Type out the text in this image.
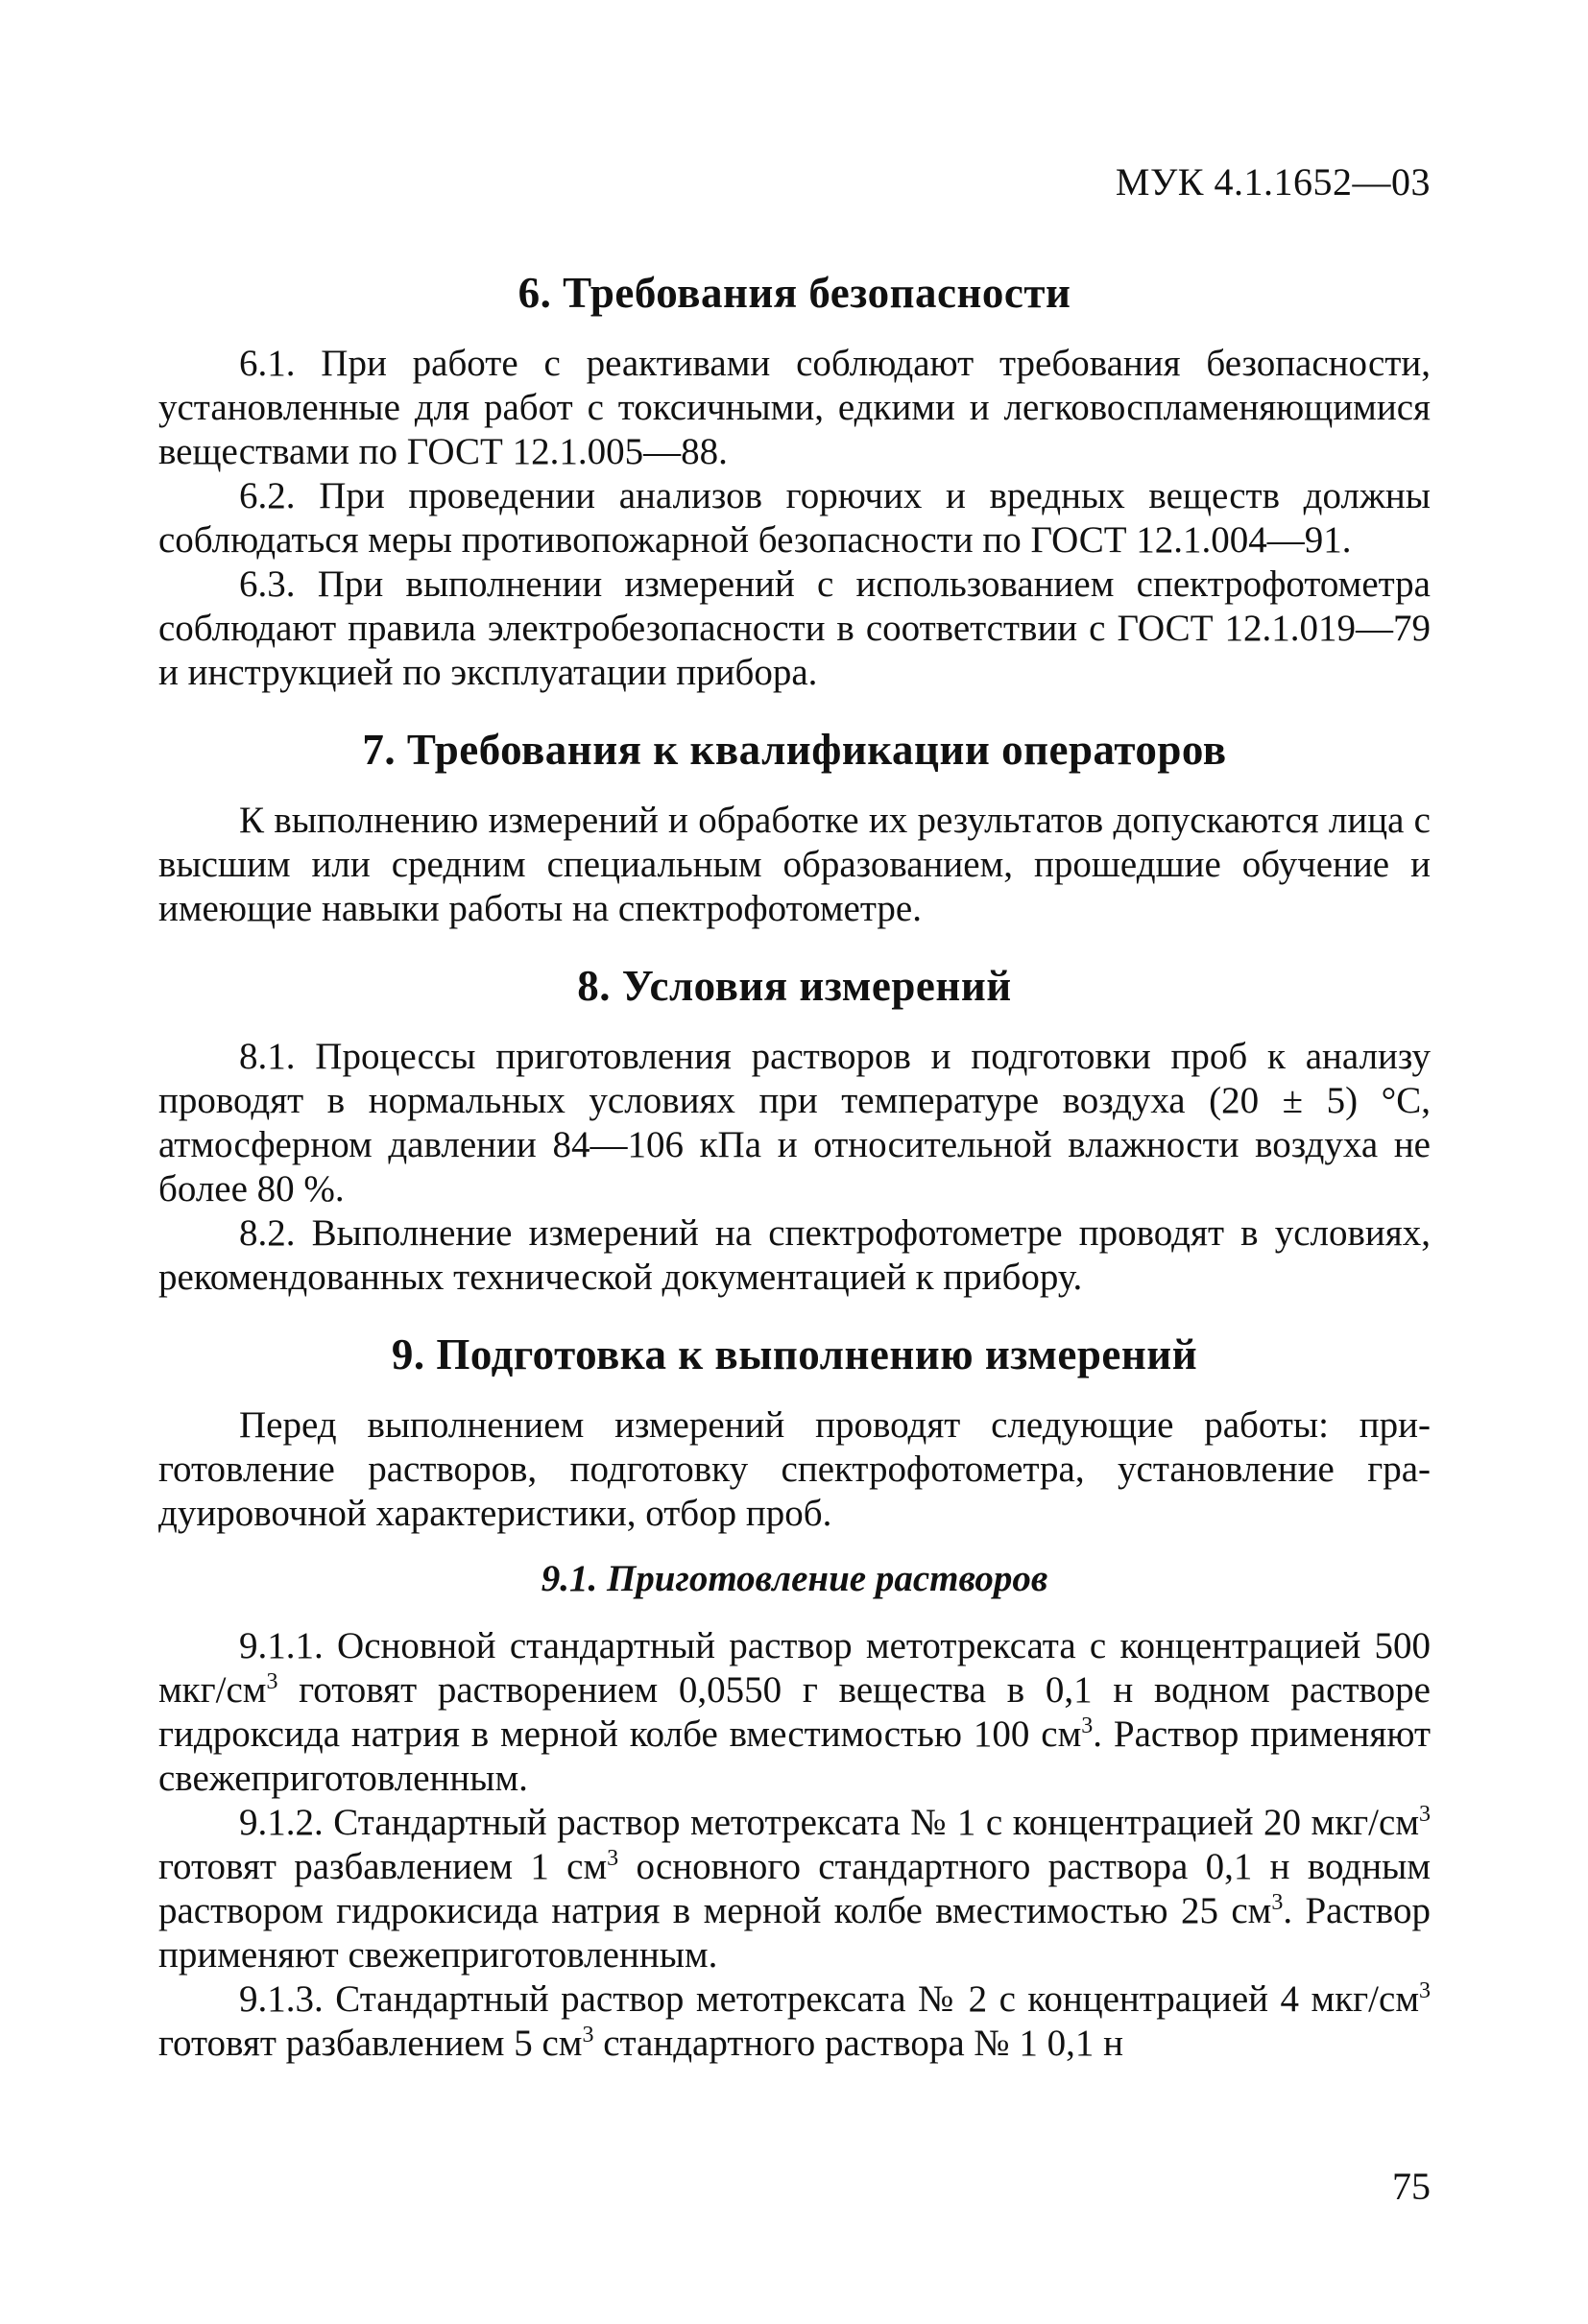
МУК 4.1.1652—03
6. Требования безопасности

6.1. При работе с реактивами соблюдают требования безопасности, установленные для работ с токсичными, едкими и легковоспламеняющимися веществами по ГОСТ 12.1.005—88.

6.2. При проведении анализов горючих и вредных веществ должны соблюдаться меры противопожарной безопасности по ГОСТ 12.1.004—91.

6.3. При выполнении измерений с использованием спектрофотометра соблюдают правила электробезопасности в соответствии с ГОСТ 12.1.019—79 и инструкцией по эксплуатации прибора.

7. Требования к квалификации операторов

К выполнению измерений и обработке их результатов допускаются лица с высшим или средним специальным образованием, прошедшие обучение и имеющие навыки работы на спектрофотометре.

8. Условия измерений

8.1. Процессы приготовления растворов и подготовки проб к анализу проводят в нормальных условиях при температуре воздуха (20 ± 5) °С, атмосферном давлении 84—106 кПа и относительной влажности воздуха не более 80 %.

8.2. Выполнение измерений на спектрофотометре проводят в условиях, рекомендованных технической документацией к прибору.

9. Подготовка к выполнению измерений

Перед выполнением измерений проводят следующие работы: приготовление растворов, подготовку спектрофотометра, установление градуировочной характеристики, отбор проб.

9.1. Приготовление растворов

9.1.1. Основной стандартный раствор метотрексата с концентрацией 500 мкг/$см^3$ готовят растворением 0,0550 г вещества в 0,1 н водном растворе гидроксида натрия в мерной колбе вместимостью 100 $см^3$. Раствор применяют свежеприготовленным.

9.1.2. Стандартный раствор метотрексата № 1 с концентрацией 20 мкг/$см^3$ готовят разбавлением 1 $см^3$ основного стандартного раствора 0,1 н водным раствором гидрокисида натрия в мерной колбе вместимостью 25 $см^3$. Раствор применяют свежеприготовленным.

9.1.3. Стандартный раствор метотрексата № 2 с концентрацией 4 мкг/$см^3$ готовят разбавлением 5 $см^3$ стандартного раствора № 1 0,1 н

75
